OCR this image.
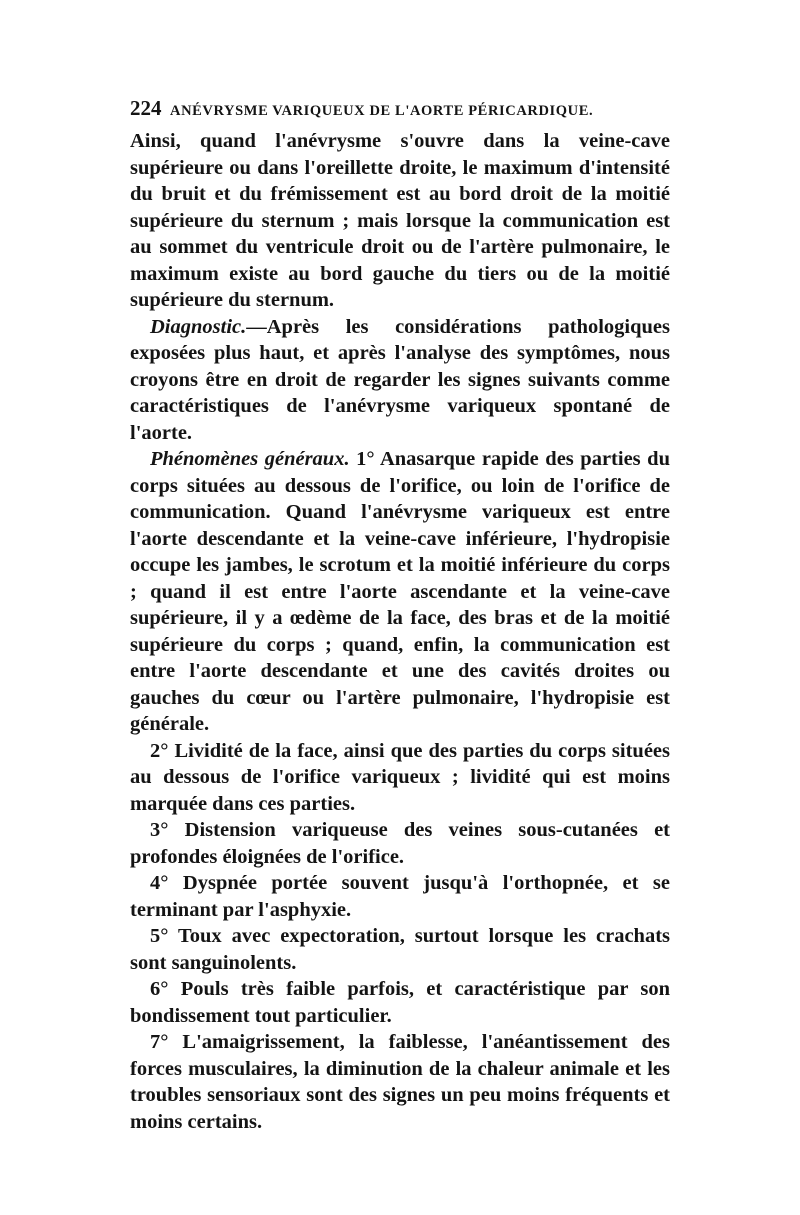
224 ANÉVRYSME VARIQUEUX DE L'AORTE PÉRICARDIQUE.

Ainsi, quand l'anévrysme s'ouvre dans la veine-cave supérieure ou dans l'oreillette droite, le maximum d'intensité du bruit et du frémissement est au bord droit de la moitié supérieure du sternum ; mais lorsque la communication est au sommet du ventricule droit ou de l'artère pulmonaire, le maximum existe au bord gauche du tiers ou de la moitié supérieure du sternum.

Diagnostic.—Après les considérations pathologiques exposées plus haut, et après l'analyse des symptômes, nous croyons être en droit de regarder les signes suivants comme caractéristiques de l'anévrysme variqueux spontané de l'aorte.

Phénomènes généraux. 1° Anasarque rapide des parties du corps situées au dessous de l'orifice, ou loin de l'orifice de communication. Quand l'anévrysme variqueux est entre l'aorte descendante et la veine-cave inférieure, l'hydropisie occupe les jambes, le scrotum et la moitié inférieure du corps ; quand il est entre l'aorte ascendante et la veine-cave supérieure, il y a œdème de la face, des bras et de la moitié supérieure du corps ; quand, enfin, la communication est entre l'aorte descendante et une des cavités droites ou gauches du cœur ou l'artère pulmonaire, l'hydropisie est générale.

2° Lividité de la face, ainsi que des parties du corps situées au dessous de l'orifice variqueux ; lividité qui est moins marquée dans ces parties.

3° Distension variqueuse des veines sous-cutanées et profondes éloignées de l'orifice.

4° Dyspnée portée souvent jusqu'à l'orthopnée, et se terminant par l'asphyxie.

5° Toux avec expectoration, surtout lorsque les crachats sont sanguinolents.

6° Pouls très faible parfois, et caractéristique par son bondissement tout particulier.

7° L'amaigrissement, la faiblesse, l'anéantissement des forces musculaires, la diminution de la chaleur animale et les troubles sensoriaux sont des signes un peu moins fréquents et moins certains.
